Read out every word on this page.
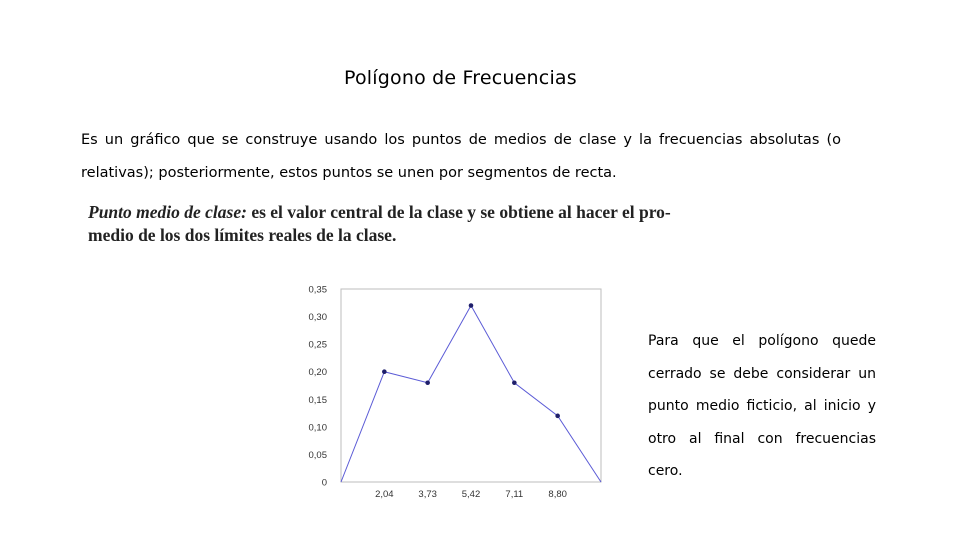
Polígono de Frecuencias
Es un gráfico que se construye usando los puntos de medios de clase y la frecuencias absolutas (o
relativas); posteriormente, estos puntos se unen por segmentos de recta.
Punto medio de clase: es el valor central de la clase y se obtiene al hacer el pro-
medio de los dos límites reales de la clase.
0
0,05
0,10
0,15
0,20
0,25
0,30
0,35
2,04	3,73	5,42	7,11	8,80
Para que el polígono quede
cerrado se debe considerar un
punto medio ficticio, al inicio y
otro al final con frecuencias
cero.
